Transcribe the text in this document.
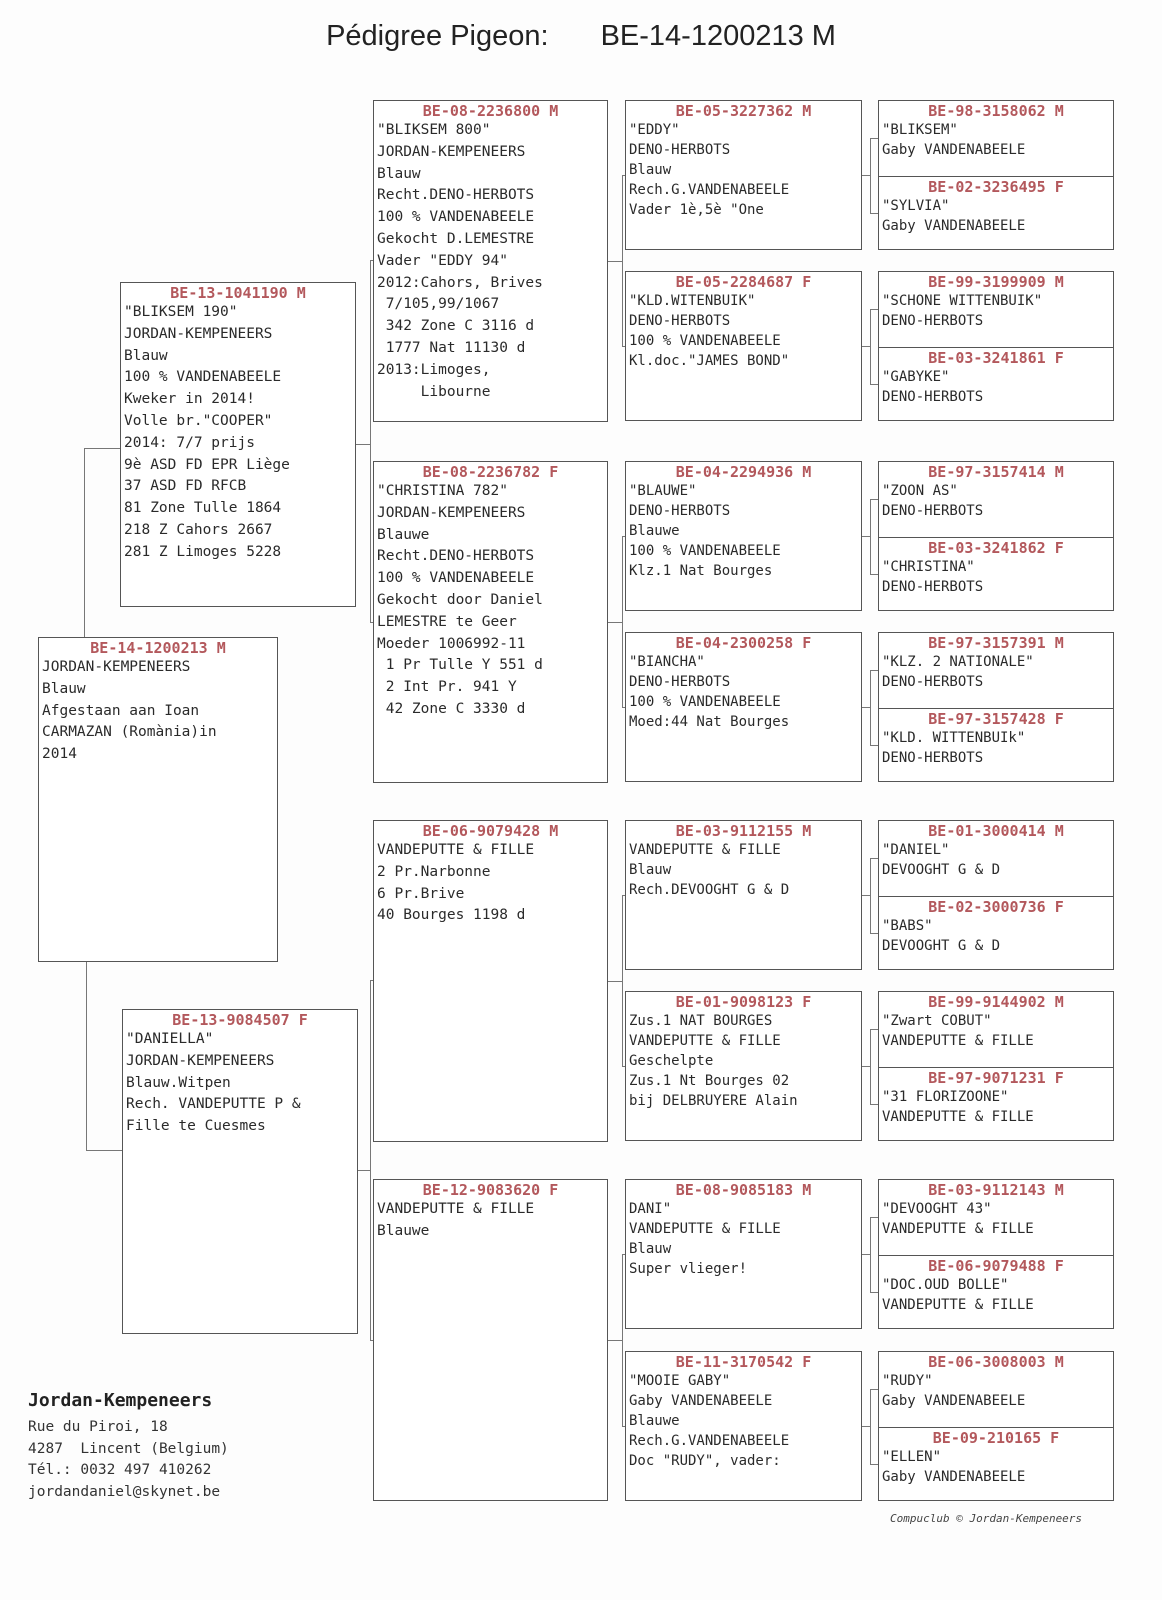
Pédigree Pigeon: BE-14-1200213 M
BE-14-1200213 M
JORDAN-KEMPENEERS
Blauw
Afgestaan aan Ioan
CARMAZAN (Romània)in
2014
BE-13-1041190 M
"BLIKSEM 190"
JORDAN-KEMPENEERS
Blauw
100 % VANDENABEELE
Kweker in 2014!
Volle br."COOPER"
2014: 7/7 prijs
9è ASD FD EPR Liège
37 ASD FD RFCB
81 Zone Tulle 1864
218 Z Cahors 2667
281 Z Limoges 5228
BE-13-9084507 F
"DANIELLA"
JORDAN-KEMPENEERS
Blauw.Witpen
Rech. VANDEPUTTE P &
Fille te Cuesmes
BE-08-2236800 M
"BLIKSEM 800"
JORDAN-KEMPENEERS
Blauw
Recht.DENO-HERBOTS
100 % VANDENABEELE
Gekocht D.LEMESTRE
Vader "EDDY 94"
2012:Cahors, Brives
7/105,99/1067
342 Zone C 3116 d
1777 Nat 11130 d
2013:Limoges,
Libourne
BE-08-2236782 F
"CHRISTINA 782"
JORDAN-KEMPENEERS
Blauwe
Recht.DENO-HERBOTS
100 % VANDENABEELE
Gekocht door Daniel
LEMESTRE te Geer
Moeder 1006992-11
1 Pr Tulle Y 551 d
2 Int Pr. 941 Y
42 Zone C 3330 d
BE-06-9079428 M
VANDEPUTTE & FILLE
2 Pr.Narbonne
6 Pr.Brive
40 Bourges 1198 d
BE-12-9083620 F
VANDEPUTTE & FILLE
Blauwe
BE-05-3227362 M
"EDDY"
DENO-HERBOTS
Blauw
Rech.G.VANDENABEELE
Vader 1è,5è "One
BE-05-2284687 F
"KLD.WITENBUIK"
DENO-HERBOTS
100 % VANDENABEELE
Kl.doc."JAMES BOND"
BE-04-2294936 M
"BLAUWE"
DENO-HERBOTS
Blauwe
100 % VANDENABEELE
Klz.1 Nat Bourges
BE-04-2300258 F
"BIANCHA"
DENO-HERBOTS
100 % VANDENABEELE
Moed:44 Nat Bourges
BE-03-9112155 M
VANDEPUTTE & FILLE
Blauw
Rech.DEVOOGHT G & D
BE-01-9098123 F
Zus.1 NAT BOURGES
VANDEPUTTE & FILLE
Geschelpte
Zus.1 Nt Bourges 02
bij DELBRUYERE Alain
BE-08-9085183 M
DANI"
VANDEPUTTE & FILLE
Blauw
Super vlieger!
BE-11-3170542 F
"MOOIE GABY"
Gaby VANDENABEELE
Blauwe
Rech.G.VANDENABEELE
Doc "RUDY", vader:
BE-98-3158062 M
"BLIKSEM"
Gaby VANDENABEELE
BE-02-3236495 F
"SYLVIA"
Gaby VANDENABEELE
BE-99-3199909 M
"SCHONE WITTENBUIK"
DENO-HERBOTS
BE-03-3241861 F
"GABYKE"
DENO-HERBOTS
BE-97-3157414 M
"ZOON AS"
DENO-HERBOTS
BE-03-3241862 F
"CHRISTINA"
DENO-HERBOTS
BE-97-3157391 M
"KLZ. 2 NATIONALE"
DENO-HERBOTS
BE-97-3157428 F
"KLD. WITTENBUIk"
DENO-HERBOTS
BE-01-3000414 M
"DANIEL"
DEVOOGHT G & D
BE-02-3000736 F
"BABS"
DEVOOGHT G & D
BE-99-9144902 M
"Zwart COBUT"
VANDEPUTTE & FILLE
BE-97-9071231 F
"31 FLORIZOONE"
VANDEPUTTE & FILLE
BE-03-9112143 M
"DEVOOGHT 43"
VANDEPUTTE & FILLE
BE-06-9079488 F
"DOC.OUD BOLLE"
VANDEPUTTE & FILLE
BE-06-3008003 M
"RUDY"
Gaby VANDENABEELE
BE-09-210165 F
"ELLEN"
Gaby VANDENABEELE
Jordan-Kempeneers
Rue du Piroi, 18
4287  Lincent (Belgium)
Tél.: 0032 497 410262
jordandaniel@skynet.be
Compuclub © Jordan-Kempeneers
